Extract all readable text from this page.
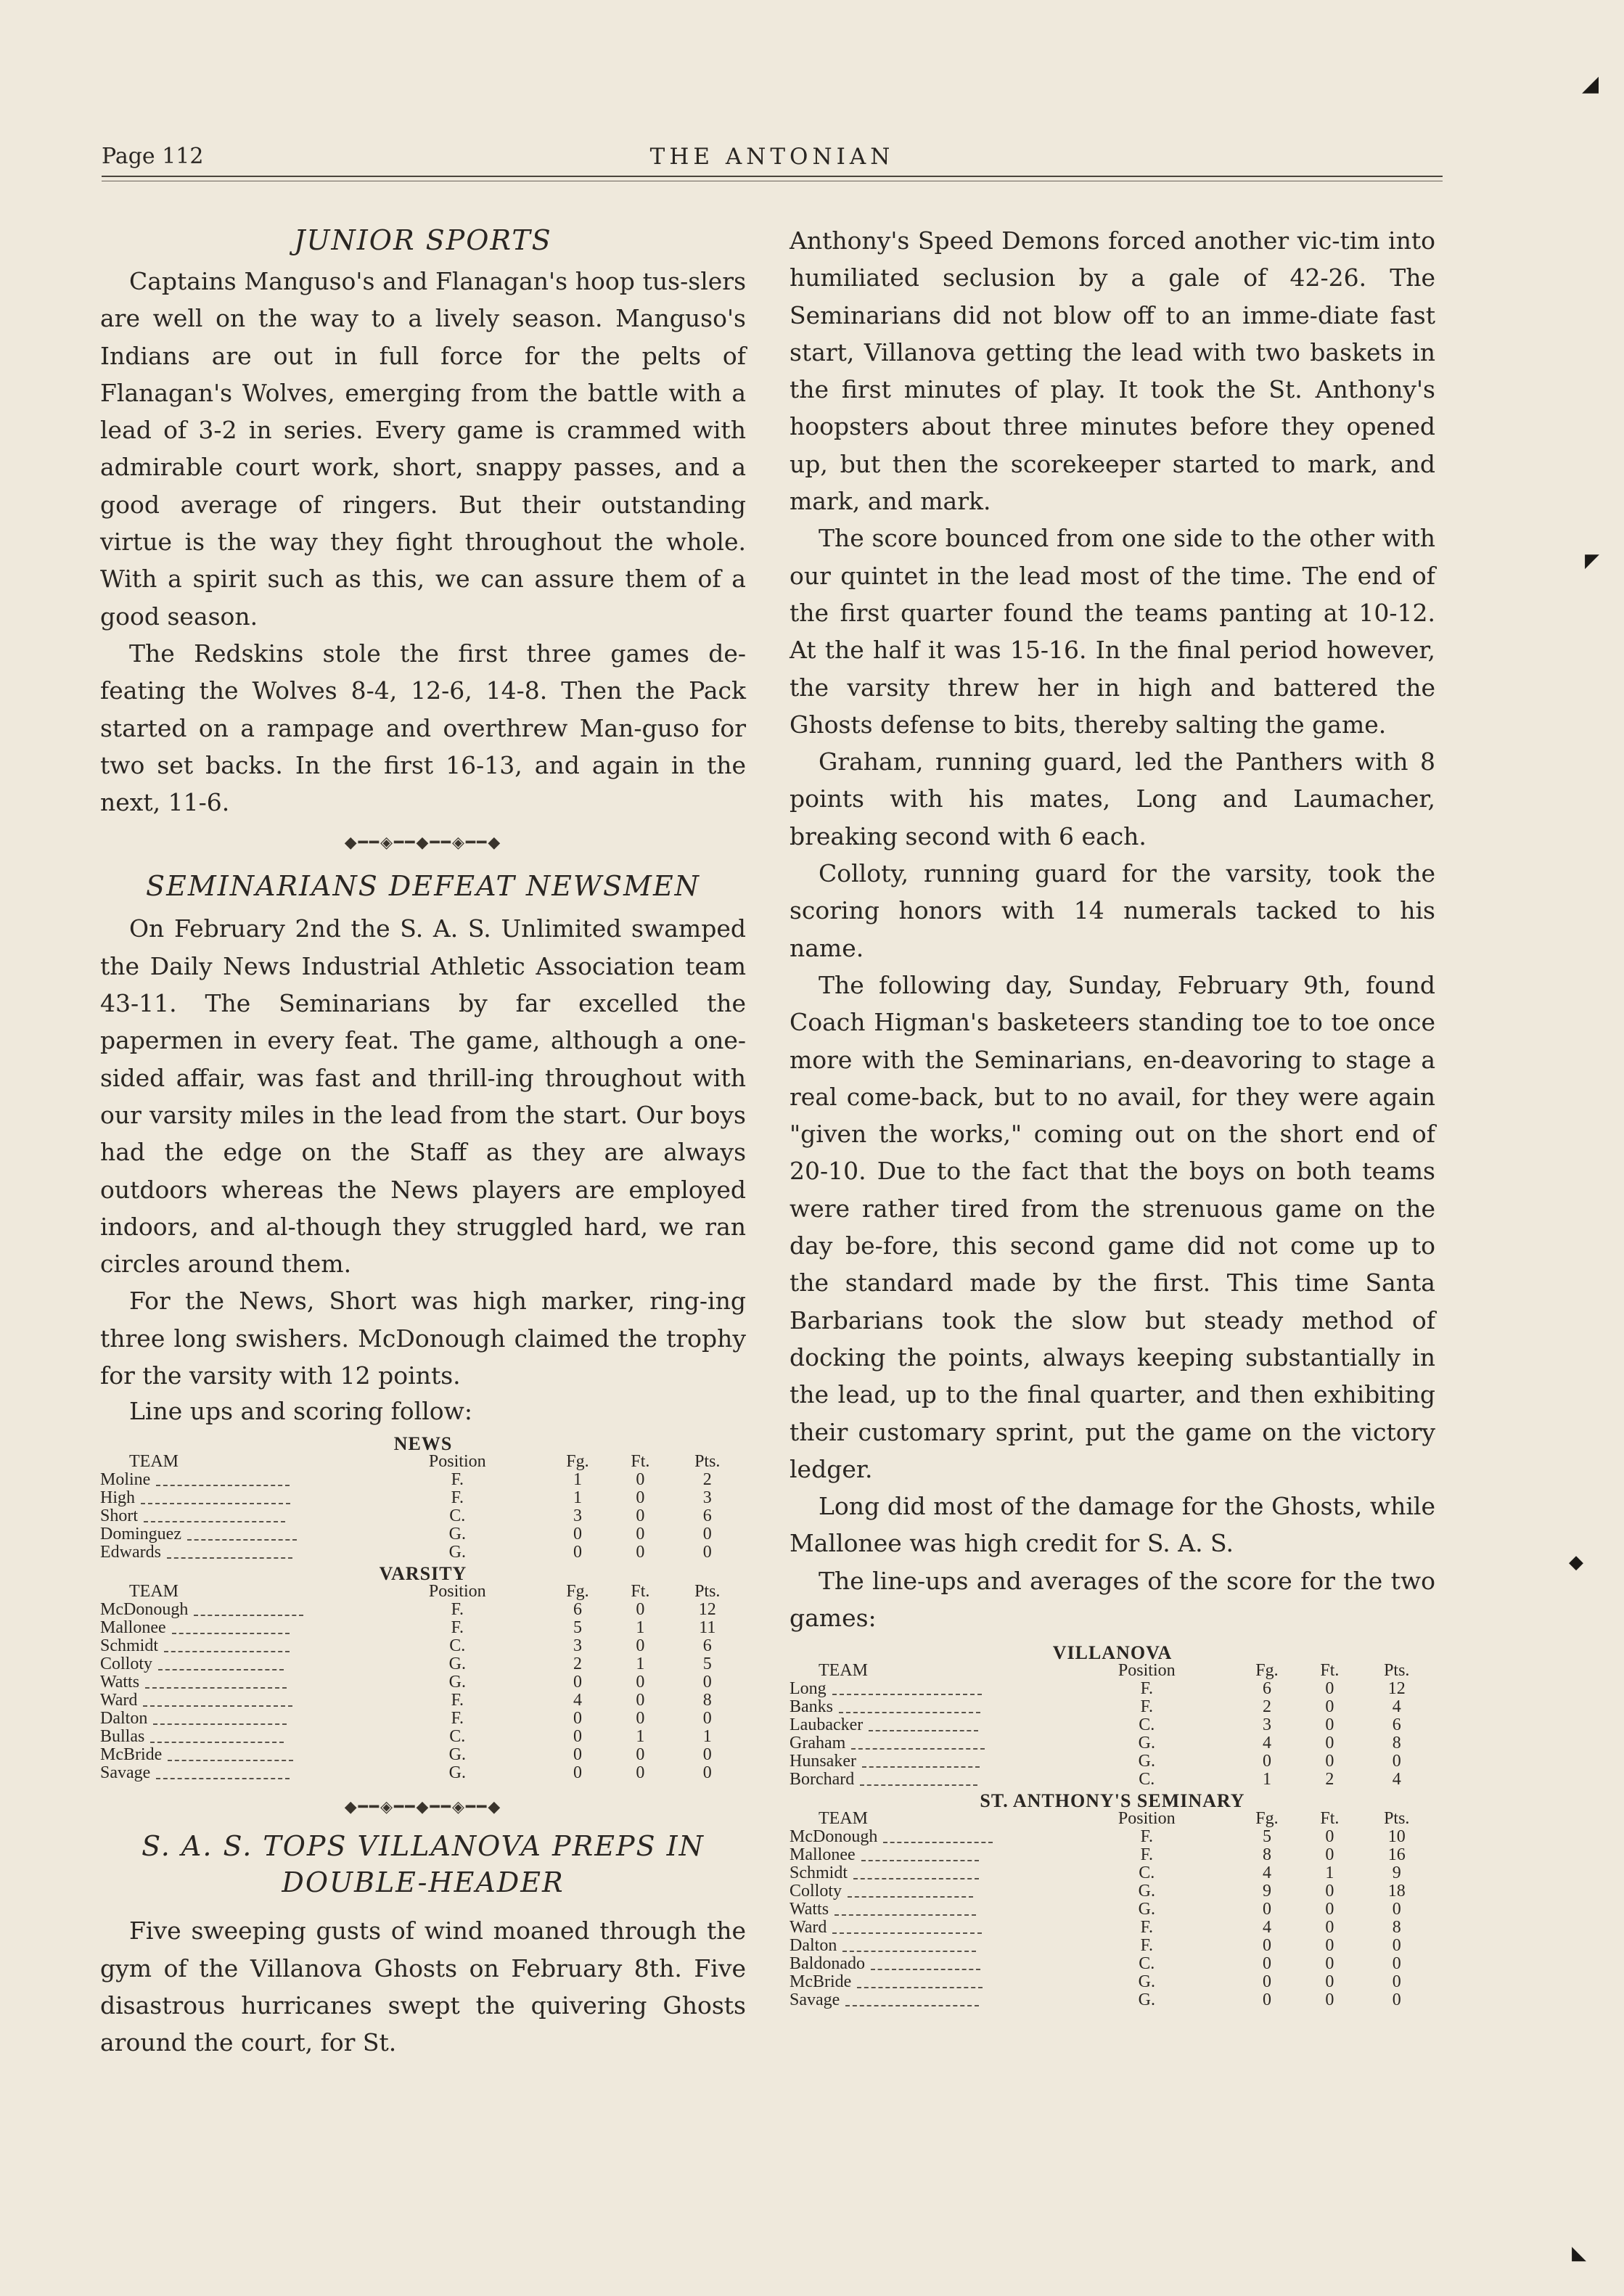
Page 112	THE ANTONIAN
JUNIOR SPORTS

Captains Manguso's and Flanagan's hoop tus-slers are well on the way to a lively season. Manguso's Indians are out in full force for the pelts of Flanagan's Wolves, emerging from the battle with a lead of 3-2 in series. Every game is crammed with admirable court work, short, snappy passes, and a good average of ringers. But their outstanding virtue is the way they fight throughout the whole. With a spirit such as this, we can assure them of a good season.

The Redskins stole the first three games de-feating the Wolves 8-4, 12-6, 14-8. Then the Pack started on a rampage and overthrew Man-guso for two set backs. In the first 16-13, and again in the next, 11-6.

◆━━◈━━◆━━◈━━◆
SEMINARIANS DEFEAT NEWSMEN

On February 2nd the S. A. S. Unlimited swamped the Daily News Industrial Athletic Association team 43-11. The Seminarians by far excelled the papermen in every feat. The game, although a one-sided affair, was fast and thrill-ing throughout with our varsity miles in the lead from the start. Our boys had the edge on the Staff as they are always outdoors whereas the News players are employed indoors, and al-though they struggled hard, we ran circles around them.

For the News, Short was high marker, ring-ing three long swishers. McDonough claimed the trophy for the varsity with 12 points.

Line ups and scoring follow:
NEWS				
TEAM	Position	Fg.	Ft.	Pts.
Moline	F.	1	0	2
High	F.	1	0	3
Short	C.	3	0	6
Dominguez	G.	0	0	0
Edwards	G.	0	0	0
VARSITY				
TEAM	Position	Fg.	Ft.	Pts.
McDonough	F.	6	0	12
Mallonee	F.	5	1	11
Schmidt	C.	3	0	6
Colloty	G.	2	1	5
Watts	G.	0	0	0
Ward	F.	4	0	8
Dalton	F.	0	0	0
Bullas	C.	0	1	1
McBride	G.	0	0	0
Savage	G.	0	0	0
◆━━◈━━◆━━◈━━◆
S. A. S. TOPS VILLANOVA PREPS IN
DOUBLE-HEADER

Five sweeping gusts of wind moaned through the gym of the Villanova Ghosts on February 8th. Five disastrous hurricanes swept the quivering Ghosts around the court, for St.

Anthony's Speed Demons forced another vic-tim into humiliated seclusion by a gale of 42-26. The Seminarians did not blow off to an imme-diate fast start, Villanova getting the lead with two baskets in the first minutes of play. It took the St. Anthony's hoopsters about three minutes before they opened up, but then the scorekeeper started to mark, and mark, and mark.

The score bounced from one side to the other with our quintet in the lead most of the time. The end of the first quarter found the teams panting at 10-12. At the half it was 15-16. In the final period however, the varsity threw her in high and battered the Ghosts defense to bits, thereby salting the game.

Graham, running guard, led the Panthers with 8 points with his mates, Long and Laumacher, breaking second with 6 each.

Colloty, running guard for the varsity, took the scoring honors with 14 numerals tacked to his name.

The following day, Sunday, February 9th, found Coach Higman's basketeers standing toe to toe once more with the Seminarians, en-deavoring to stage a real come-back, but to no avail, for they were again "given the works," coming out on the short end of 20-10. Due to the fact that the boys on both teams were rather tired from the strenuous game on the day be-fore, this second game did not come up to the standard made by the first. This time Santa Barbarians took the slow but steady method of docking the points, always keeping substantially in the lead, up to the final quarter, and then exhibiting their customary sprint, put the game on the victory ledger.

Long did most of the damage for the Ghosts, while Mallonee was high credit for S. A. S.

The line-ups and averages of the score for the two games:

VILLANOVA				
TEAM	Position	Fg.	Ft.	Pts.
Long	F.	6	0	12
Banks	F.	2	0	4
Laubacker	C.	3	0	6
Graham	G.	4	0	8
Hunsaker	G.	0	0	0
Borchard	C.	1	2	4
ST. ANTHONY'S SEMINARY				
TEAM	Position	Fg.	Ft.	Pts.
McDonough	F.	5	0	10
Mallonee	F.	8	0	16
Schmidt	C.	4	1	9
Colloty	G.	9	0	18
Watts	G.	0	0	0
Ward	F.	4	0	8
Dalton	F.	0	0	0
Baldonado	C.	0	0	0
McBride	G.	0	0	0
Savage	G.	0	0	0
◢
◤
◆
◣
